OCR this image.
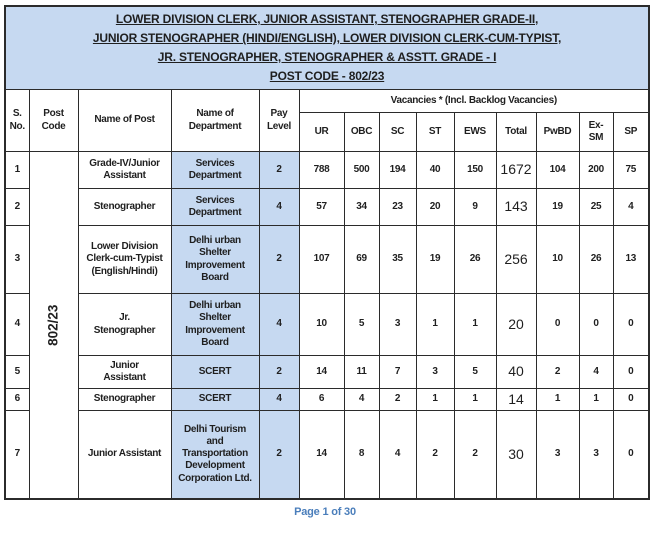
LOWER DIVISION CLERK, JUNIOR ASSISTANT, STENOGRAPHER GRADE-II,
JUNIOR STENOGRAPHER (HINDI/ENGLISH), LOWER DIVISION CLERK-CUM-TYPIST,
JR. STENOGRAPHER, STENOGRAPHER & ASSTT. GRADE - I
POST CODE - 802/23													

S. No.	Post Code	Name of Post	Name of Department	Pay Level	Vacancies * (Incl. Backlog Vacancies)								
					UR	OBC	SC	ST	EWS	Total	PwBD	Ex-SM	SP
1	802/23	Grade-IV/Junior Assistant	Services Department	2	788	500	194	40	150	1672	104	200	75
2		Stenographer	Services Department	4	57	34	23	20	9	143	19	25	4
3		Lower Division Clerk-cum-Typist (English/Hindi)	Delhi urban Shelter Improvement Board	2	107	69	35	19	26	256	10	26	13
4		Jr. Stenographer	Delhi urban Shelter Improvement Board	4	10	5	3	1	1	20	0	0	0
5		Junior Assistant	SCERT	2	14	11	7	3	5	40	2	4	0
6		Stenographer	SCERT	4	6	4	2	1	1	14	1	1	0
7		Junior Assistant	Delhi Tourism and Transportation Development Corporation Ltd.	2	14	8	4	2	2	30	3	3	0
Page 1 of 30
